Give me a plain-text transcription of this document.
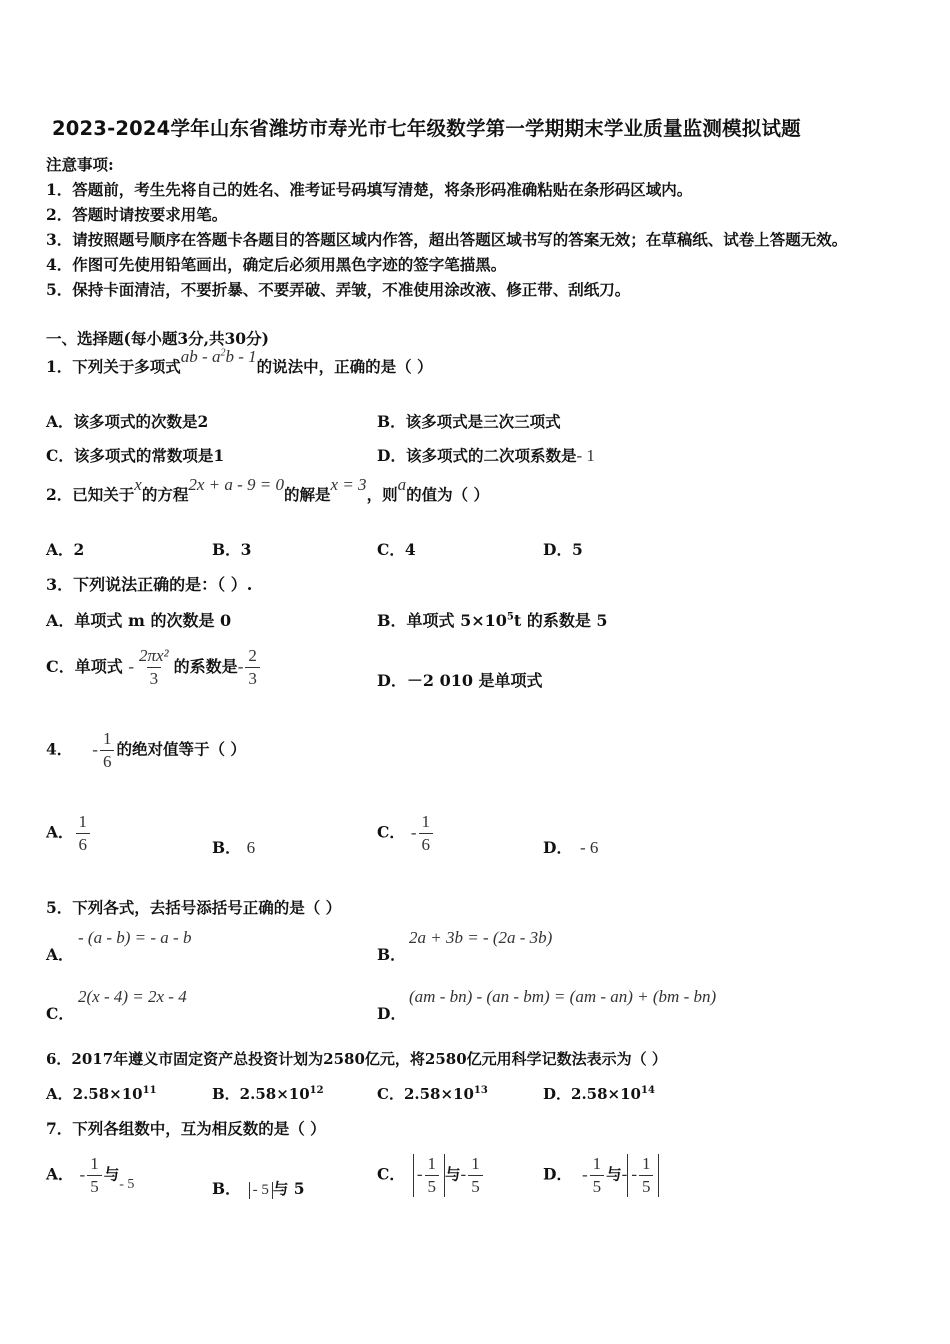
2023-2024学年山东省潍坊市寿光市七年级数学第一学期期末学业质量监测模拟试题
注意事项:
1．答题前，考生先将自己的姓名、准考证号码填写清楚，将条形码准确粘贴在条形码区域内。
2．答题时请按要求用笔。
3．请按照题号顺序在答题卡各题目的答题区域内作答，超出答题区域书写的答案无效；在草稿纸、试卷上答题无效。
4．作图可先使用铅笔画出，确定后必须用黑色字迹的签字笔描黑。
5．保持卡面清洁，不要折暴、不要弄破、弄皱，不准使用涂改液、修正带、刮纸刀。
一、选择题(每小题3分,共30分)
1．下列关于多项式ab - $a^2b - 1$的说法中，正确的是（ ）
A．该多项式的次数是2	B．该多项式是三次三项式
C．该多项式的常数项是1	D．该多项式的二次项系数是- 1
2．已知关于x的方程2x + a - 9 = 0的解是x = 3，则a的值为（ ）
A．2	B．3	C．4	D．5
3．下列说法正确的是：（ ）.
A．单项式 m 的次数是 0	B．单项式 $5\times 10^5t$ 的系数是 5
C．单项式 - $\frac{\text{2πx²}}{3}$ 的系数是- $\frac{2}{3}$	D．－2 010 是单项式
4． - $\frac{1}{6}$ 的绝对值等于（ ）
A． $\frac{1}{6}$	B． 6
C． - $\frac{1}{6}$	D． - 6
5．下列各式，去括号添括号正确的是（ ）
A．
- (a - b) = - a - b
B．
2a + 3b = - (2a - 3b)
C．
2(x - 4) = 2x - 4
D．
(am - bn) - (an - bm) = (am - an) + (bm - bn)
6．2017年遵义市固定资产总投资计划为2580亿元，将2580亿元用科学记数法表示为（ ）
A．$2.58\times 10^{11}$	B．$2.58\times 10^{12}$	C．$2.58\times 10^{13}$	D．$2.58\times 10^{14}$
7．下列各组数中，互为相反数的是（ ）
A． - $\frac{1}{5}$ 与- 5	B． - 5 与 5
C． - $\frac{1}{5}$ 与- $\frac{1}{5}$	D． - $\frac{1}{5}$ 与- - $\frac{1}{5}$
